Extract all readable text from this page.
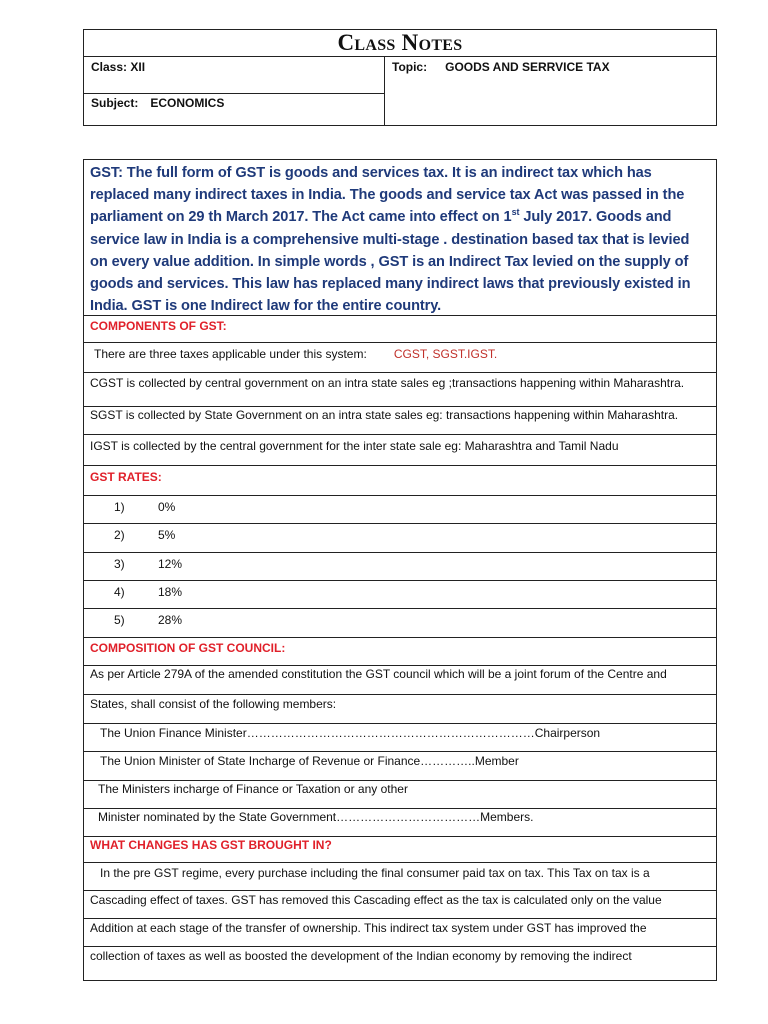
Class Notes
Class: XII
Subject: ECONOMICS
Topic: GOODS AND SERRVICE TAX
GST: The full form of GST is goods and services tax. It is an indirect tax which has replaced many indirect taxes in India. The goods and service tax Act was passed in the parliament on 29 th March 2017. The Act came into effect on 1st July 2017. Goods and service law in India is a comprehensive multi-stage . destination based tax that is levied on every value addition. In simple words , GST is an Indirect Tax levied on the supply of goods and services. This law has replaced many indirect laws that previously existed in India. GST is one Indirect law for the entire country.
COMPONENTS OF GST:
There are three taxes applicable under this system: CGST, SGST.IGST.
CGST is collected by central government on an intra state sales eg ;transactions happening within Maharashtra.
SGST is collected by State Government on an intra state sales eg: transactions happening within Maharashtra.
IGST is collected by the central government for the inter state sale eg: Maharashtra and Tamil Nadu
GST RATES:
1)	0%
2)	5%
3)	12%
4)	18%
5)	28%
COMPOSITION OF GST COUNCIL:
As per Article 279A of the amended constitution the GST council which will be a joint forum of the Centre and
States, shall consist of the following members:
The Union Finance Minister………………………………………………………………Chairperson
The Union Minister of State Incharge of Revenue or Finance…………..Member
The Ministers incharge of Finance or Taxation or any other
Minister nominated by the State Government………………………………Members.
WHAT CHANGES HAS GST BROUGHT IN?
In the pre GST regime, every purchase including the final consumer paid tax on tax. This Tax on tax is a
Cascading effect of taxes. GST has removed this Cascading effect as the tax is calculated only on the value
Addition at each stage of the transfer of ownership. This indirect tax system under GST has improved the
collection of taxes as well as boosted the development of the Indian economy by removing the indirect
